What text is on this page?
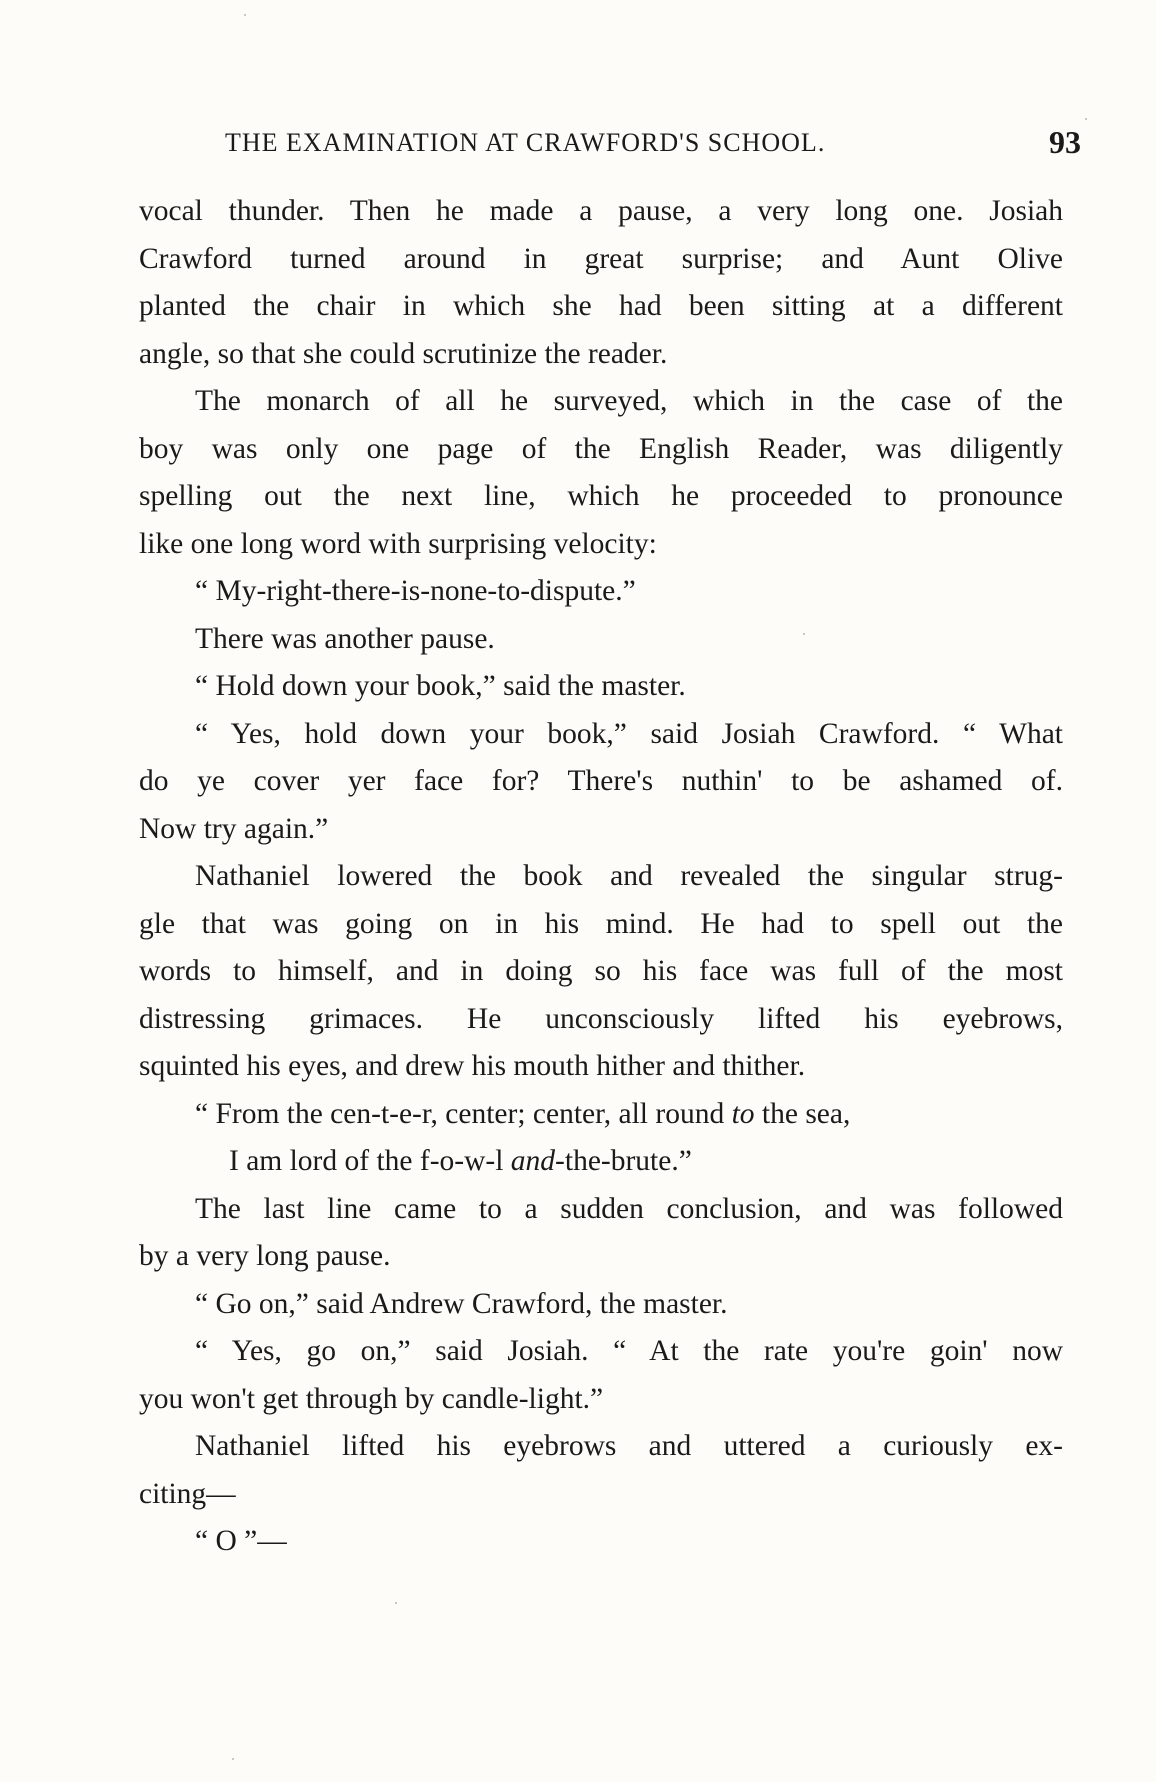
THE EXAMINATION AT CRAWFORD'S SCHOOL.	93
vocal thunder. Then he made a pause, a very long one. Josiah
Crawford turned around in great surprise; and Aunt Olive
planted the chair in which she had been sitting at a different
angle, so that she could scrutinize the reader.
The monarch of all he surveyed, which in the case of the
boy was only one page of the English Reader, was diligently
spelling out the next line, which he proceeded to pronounce
like one long word with surprising velocity:
“ My-right-there-is-none-to-dispute.”
There was another pause.
“ Hold down your book,” said the master.
“ Yes, hold down your book,” said Josiah Crawford. “ What
do ye cover yer face for? There's nuthin' to be ashamed of.
Now try again.”
Nathaniel lowered the book and revealed the singular strug-
gle that was going on in his mind. He had to spell out the
words to himself, and in doing so his face was full of the most
distressing grimaces. He unconsciously lifted his eyebrows,
squinted his eyes, and drew his mouth hither and thither.
“ From the cen-t-e-r, center; center, all round to the sea,
I am lord of the f-o-w-l and-the-brute.”
The last line came to a sudden conclusion, and was followed
by a very long pause.
“ Go on,” said Andrew Crawford, the master.
“ Yes, go on,” said Josiah. “ At the rate you're goin' now
you won't get through by candle-light.”
Nathaniel lifted his eyebrows and uttered a curiously ex-
citing—
“ O ”—
